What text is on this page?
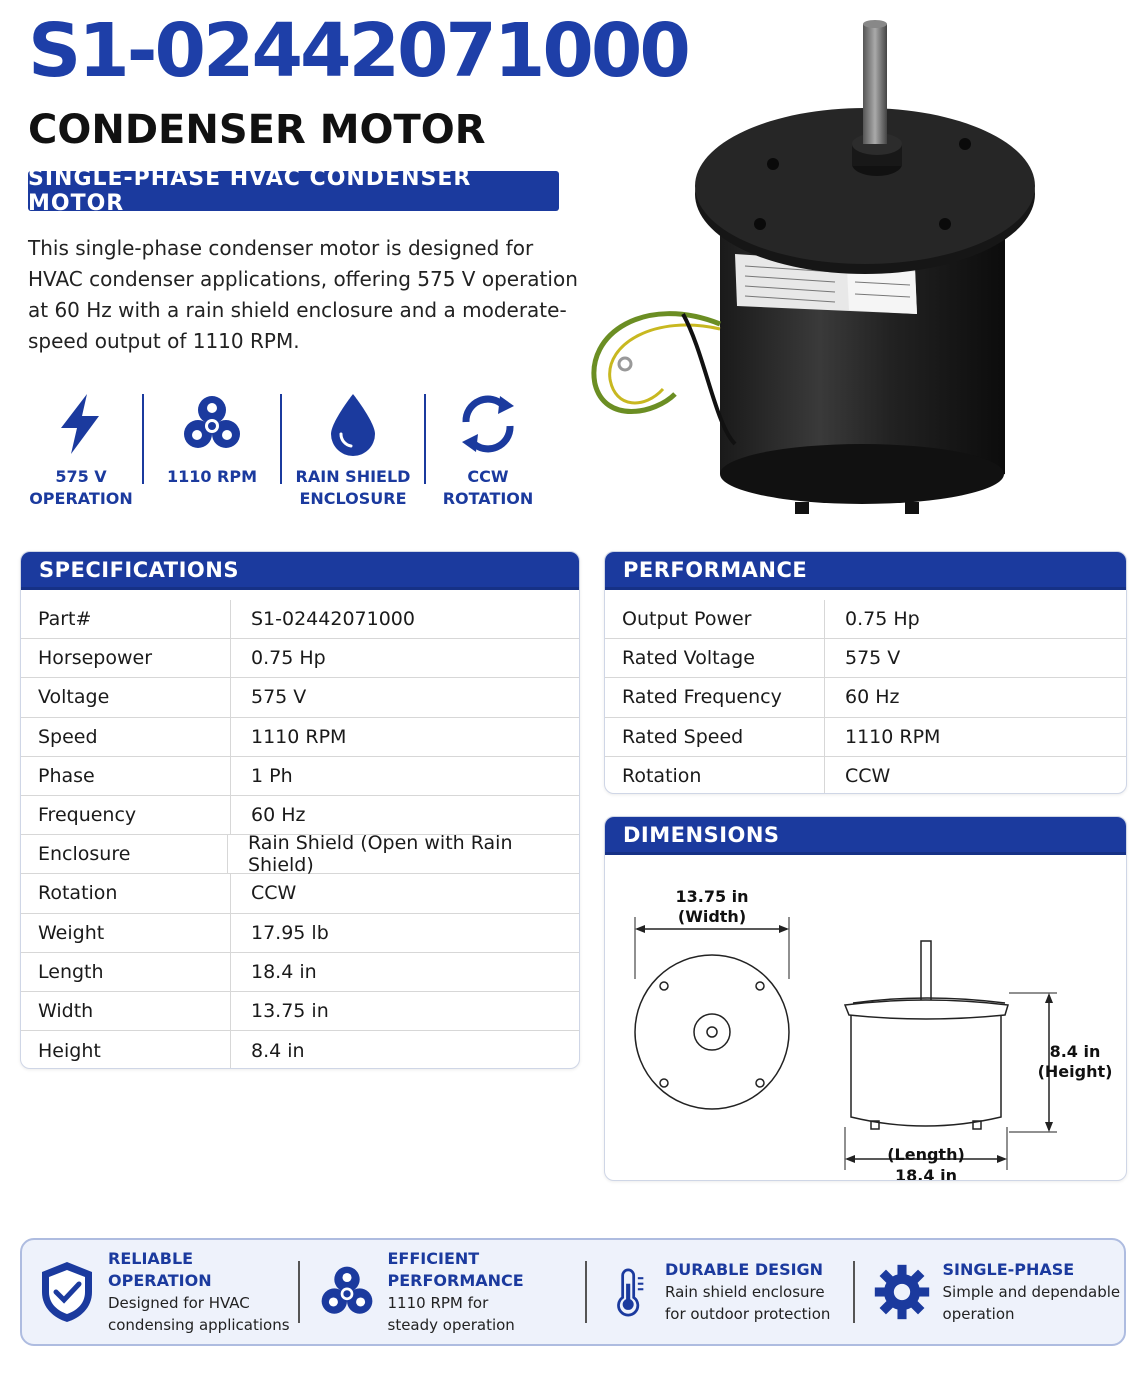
S1-02442071000
CONDENSER MOTOR
SINGLE-PHASE HVAC CONDENSER MOTOR
This single-phase condenser motor is designed for HVAC condenser applications, offering 575 V operation at 60 Hz with a rain shield enclosure and a moderate-speed output of 1110 RPM.
575 V
OPERATION
1110 RPM RAIN SHIELD
ENCLOSURE
CCW
ROTATION
SPECIFICATIONS
Part#	S1-02442071000
Horsepower	0.75 Hp
Voltage	575 V
Speed	1110 RPM
Phase	1 Ph
Frequency	60 Hz
Enclosure	Rain Shield (Open with Rain Shield)
Rotation	CCW
Weight	17.95 lb
Length	18.4 in
Width	13.75 in
Height	8.4 in
PERFORMANCE
Output Power	0.75 Hp
Rated Voltage	575 V
Rated Frequency	60 Hz
Rated Speed	1110 RPM
Rotation	CCW
DIMENSIONS
13.75 in
(Width)
8.4 in
(Height)
18.4 in
(Length)
RELIABLE OPERATION
Designed for HVAC
condensing applications
EFFICIENT PERFORMANCE
1110 RPM for
steady operation
DURABLE DESIGN
Rain shield enclosure
for outdoor protection
SINGLE-PHASE
Simple and dependable
operation
